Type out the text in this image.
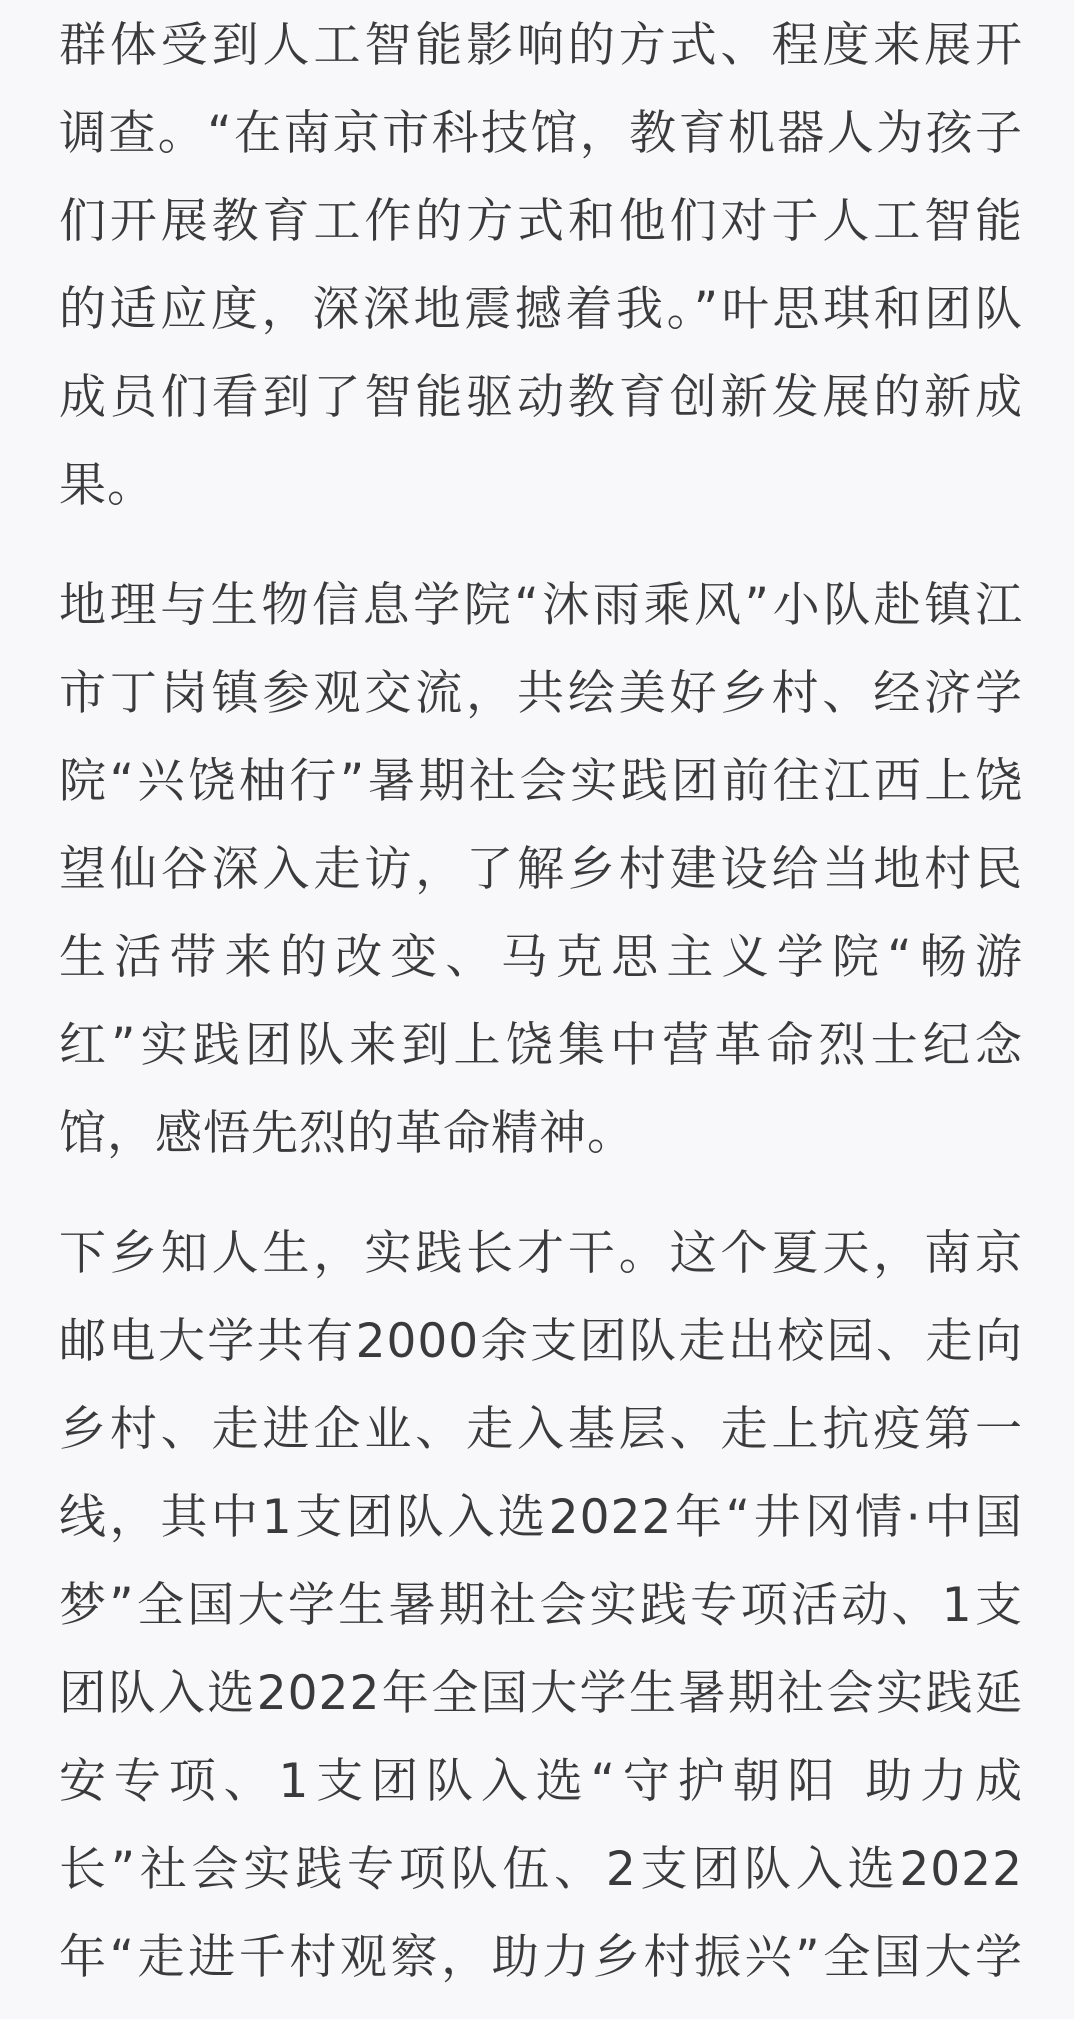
群体受到人工智能影响的方式、程度来展开
调查。“在南京市科技馆，教育机器人为孩子
们开展教育工作的方式和他们对于人工智能
的适应度，深深地震撼着我。”叶思琪和团队
成员们看到了智能驱动教育创新发展的新成
果。

地理与生物信息学院“沐雨乘风”小队赴镇江
市丁岗镇参观交流，共绘美好乡村、经济学
院“兴饶柚行”暑期社会实践团前往江西上饶
望仙谷深入走访，了解乡村建设给当地村民
生活带来的改变、马克思主义学院“畅游
红”实践团队来到上饶集中营革命烈士纪念
馆，感悟先烈的革命精神。

下乡知人生，实践长才干。这个夏天，南京
邮电大学共有2000余支团队走出校园、走向
乡村、走进企业、走入基层、走上抗疫第一
线，其中1支团队入选2022年“井冈情·中国
梦”全国大学生暑期社会实践专项活动、1支
团队入选2022年全国大学生暑期社会实践延
安专项、1支团队入选“守护朝阳 助力成
长”社会实践专项队伍、2支团队入选2022
年“走进千村观察，助力乡村振兴”全国大学
